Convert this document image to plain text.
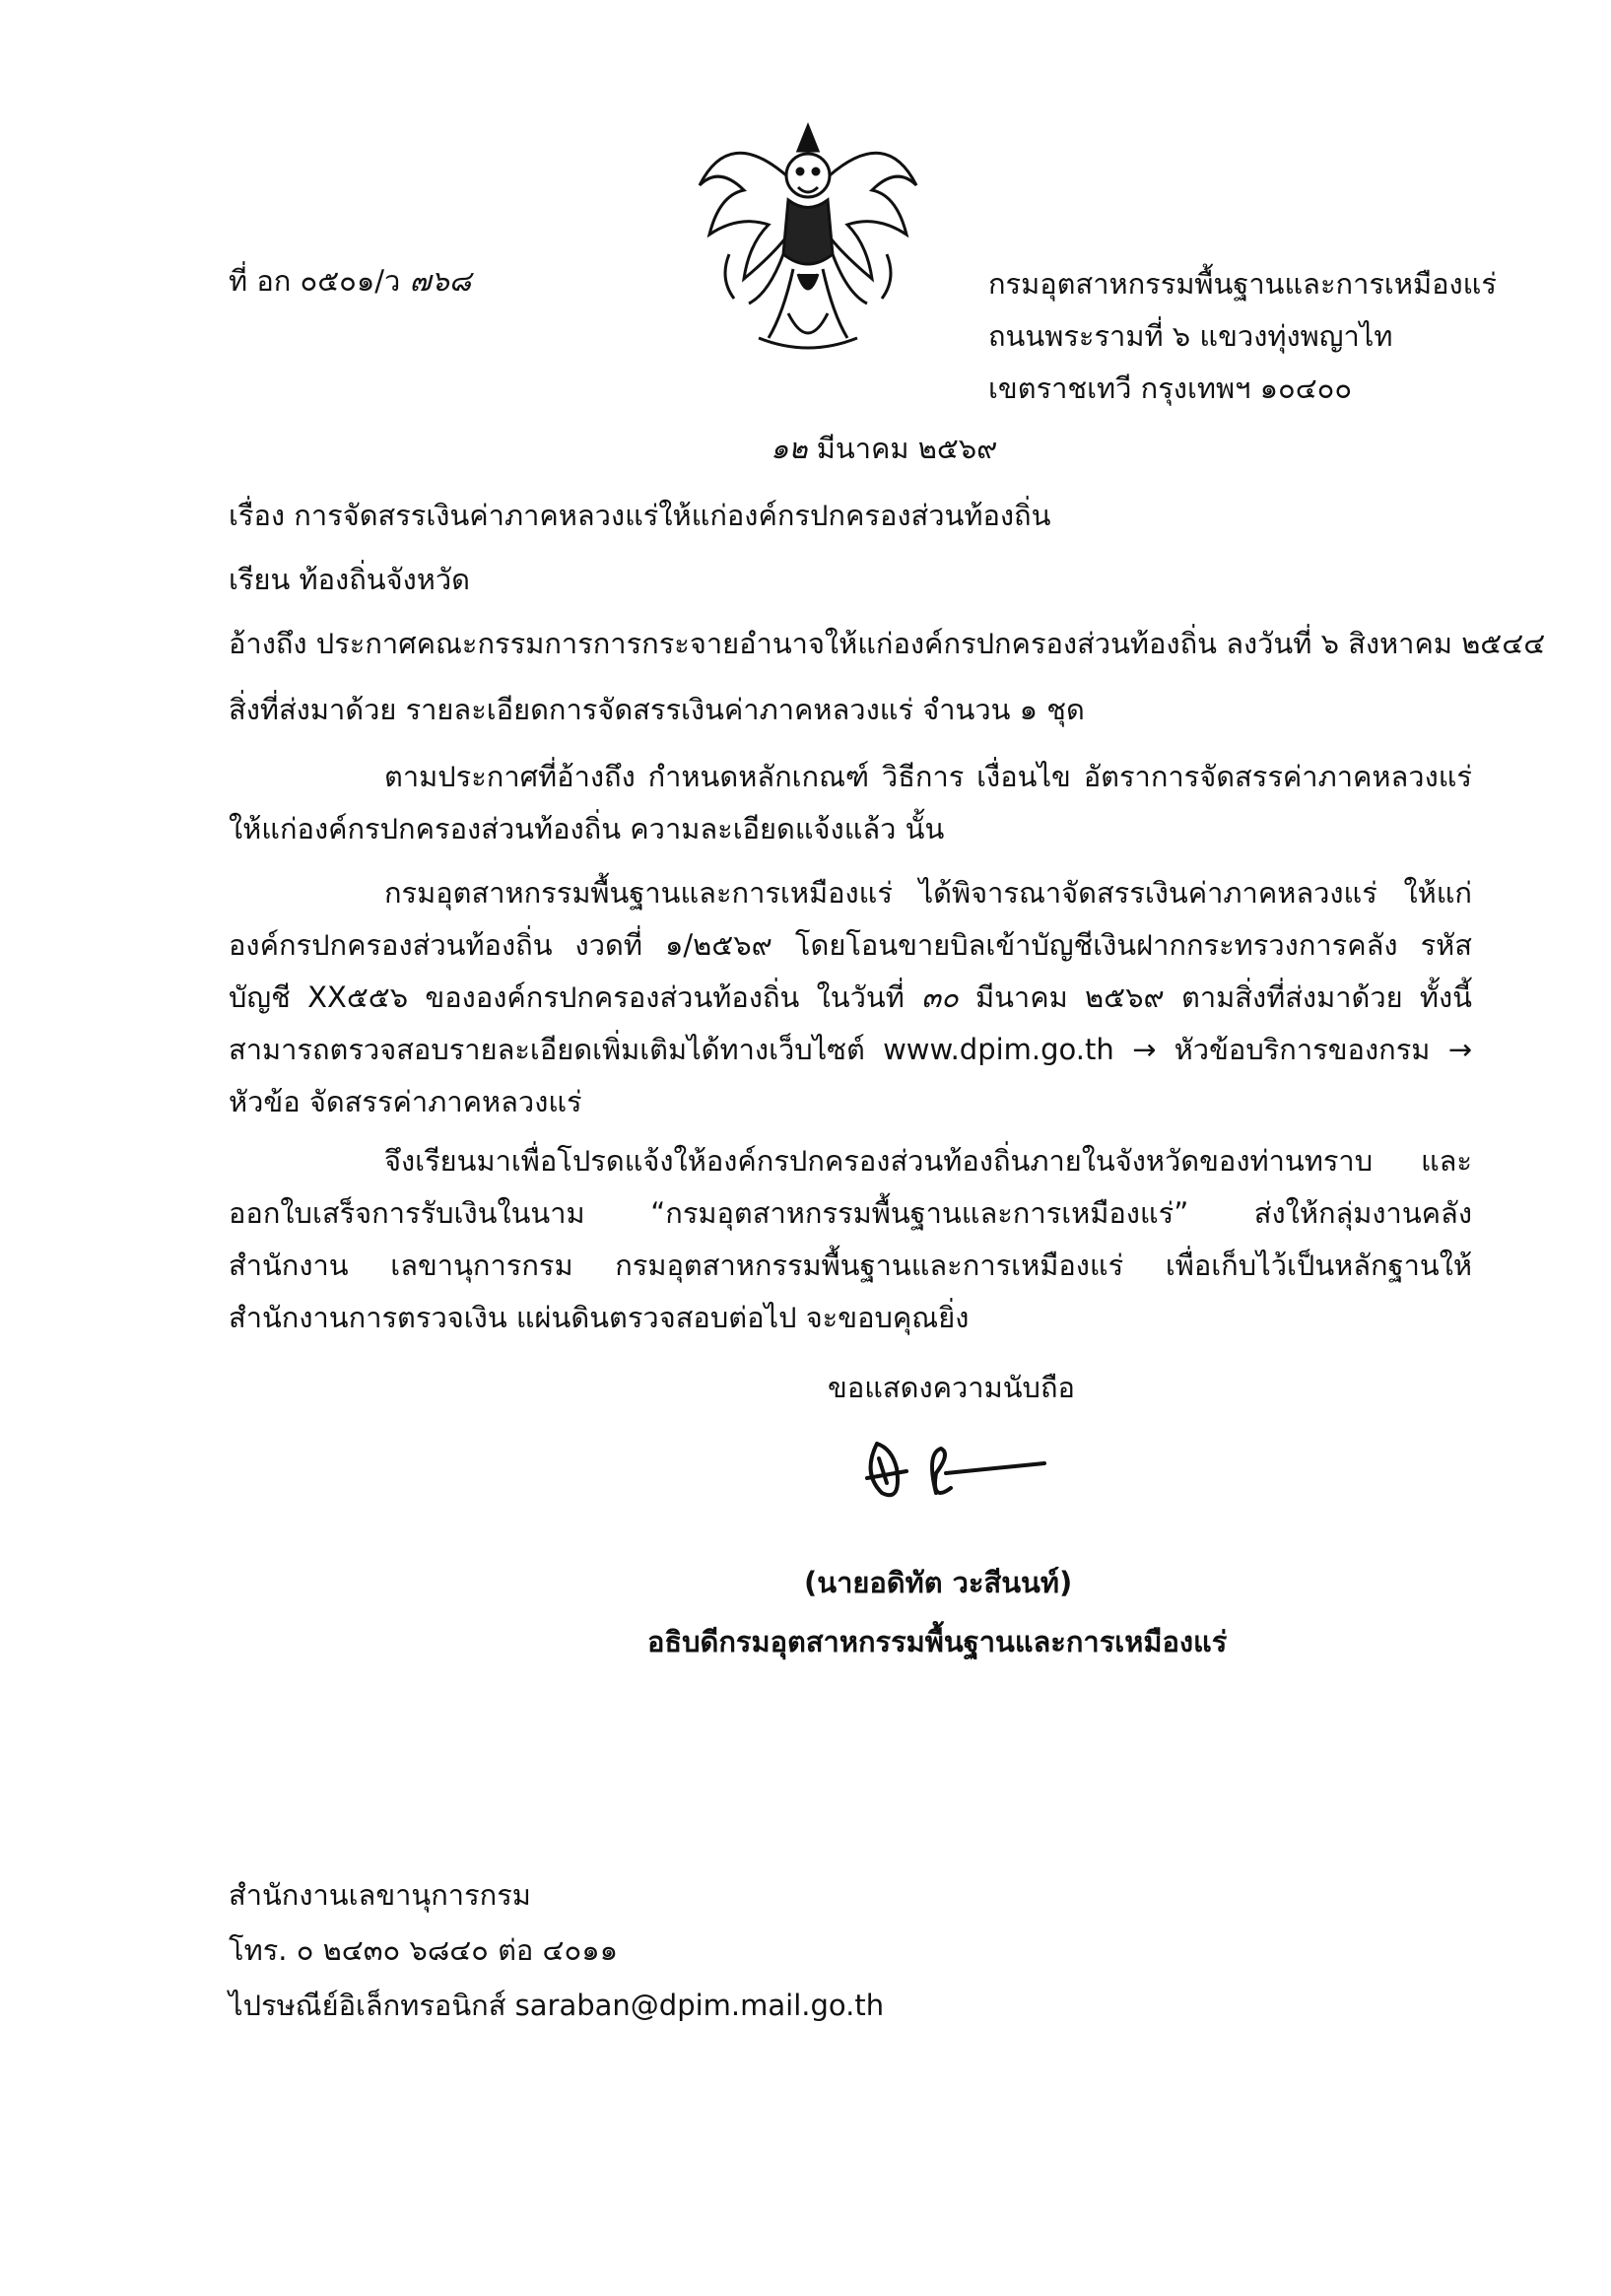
ที่ อก ๐๕๐๑/ว ๗๖๘	กรมอุตสาหกรรมพื้นฐานและการเหมืองแร่
ถนนพระรามที่ ๖ แขวงทุ่งพญาไท
เขตราชเทวี กรุงเทพฯ ๑๐๔๐๐
๑๒ มีนาคม ๒๕๖๙
เรื่อง การจัดสรรเงินค่าภาคหลวงแร่ให้แก่องค์กรปกครองส่วนท้องถิ่น
เรียน ท้องถิ่นจังหวัด
อ้างถึง ประกาศคณะกรรมการการกระจายอำนาจให้แก่องค์กรปกครองส่วนท้องถิ่น ลงวันที่ ๖ สิงหาคม ๒๕๔๔
สิ่งที่ส่งมาด้วย รายละเอียดการจัดสรรเงินค่าภาคหลวงแร่ จำนวน ๑ ชุด
ตามประกาศที่อ้างถึง กำหนดหลักเกณฑ์ วิธีการ เงื่อนไข อัตราการจัดสรรค่าภาคหลวงแร่ ให้แก่องค์กรปกครองส่วนท้องถิ่น ความละเอียดแจ้งแล้ว นั้น
กรมอุตสาหกรรมพื้นฐานและการเหมืองแร่ ได้พิจารณาจัดสรรเงินค่าภาคหลวงแร่ ให้แก่องค์กรปกครองส่วนท้องถิ่น งวดที่ ๑/๒๕๖๙ โดยโอนขายบิลเข้าบัญชีเงินฝากกระทรวงการคลัง รหัสบัญชี XX๕๕๖ ขององค์กรปกครองส่วนท้องถิ่น ในวันที่ ๓๐ มีนาคม ๒๕๖๙ ตามสิ่งที่ส่งมาด้วย ทั้งนี้ สามารถตรวจสอบรายละเอียดเพิ่มเติมได้ทางเว็บไซต์ www.dpim.go.th → หัวข้อบริการของกรม → หัวข้อ จัดสรรค่าภาคหลวงแร่
จึงเรียนมาเพื่อโปรดแจ้งให้องค์กรปกครองส่วนท้องถิ่นภายในจังหวัดของท่านทราบ และออกใบเสร็จการรับเงินในนาม “กรมอุตสาหกรรมพื้นฐานและการเหมืองแร่” ส่งให้กลุ่มงานคลัง สำนักงาน เลขานุการกรม กรมอุตสาหกรรมพื้นฐานและการเหมืองแร่ เพื่อเก็บไว้เป็นหลักฐานให้สำนักงานการตรวจเงิน แผ่นดินตรวจสอบต่อไป จะขอบคุณยิ่ง
ขอแสดงความนับถือ
(นายอดิทัต วะสีนนท์)
อธิบดีกรมอุตสาหกรรมพื้นฐานและการเหมืองแร่
สำนักงานเลขานุการกรม
โทร. ๐ ๒๔๓๐ ๖๘๔๐ ต่อ ๔๐๑๑
ไปรษณีย์อิเล็กทรอนิกส์ saraban@dpim.mail.go.th
